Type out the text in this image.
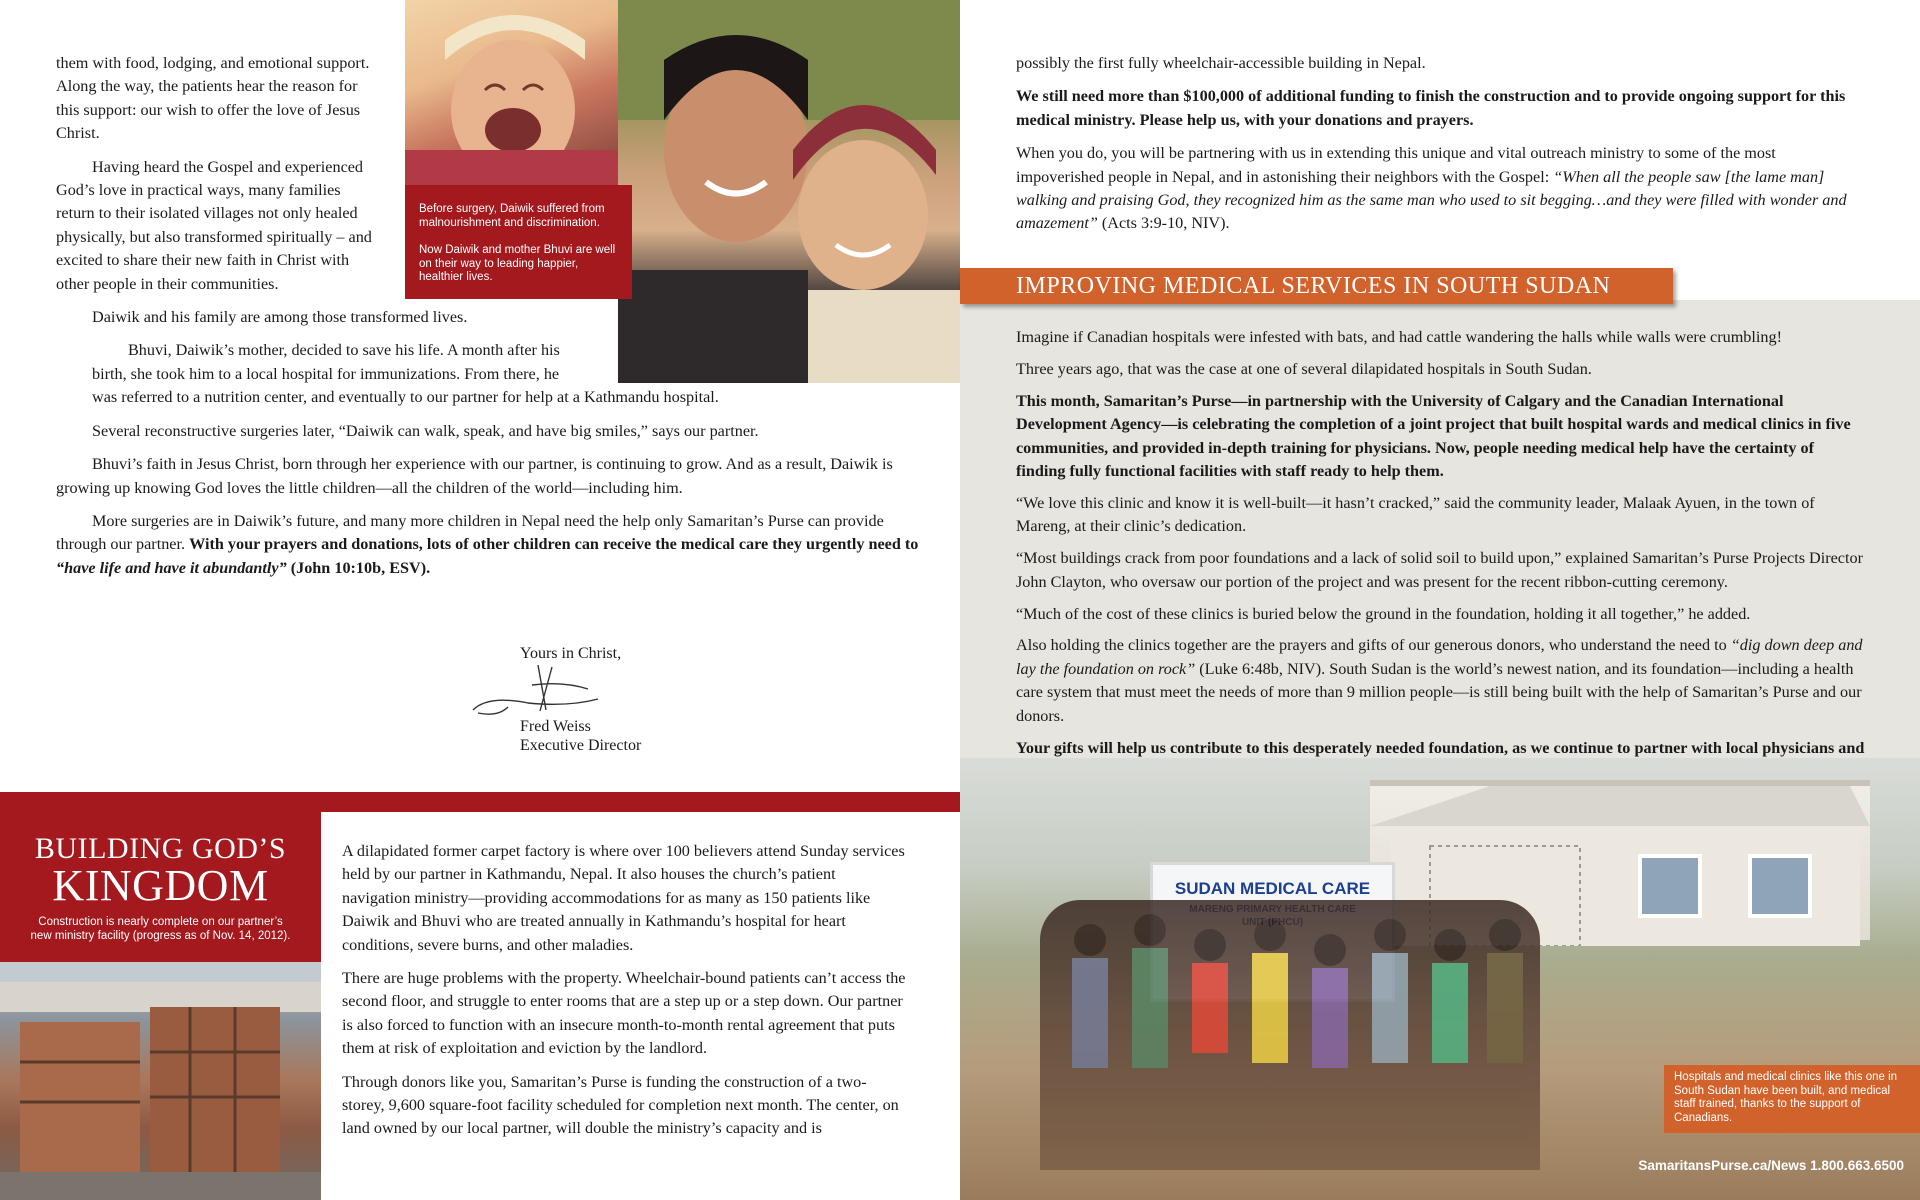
them with food, lodging, and emotional support. Along the way, the patients hear the reason for this support: our wish to offer the love of Jesus Christ.

Having heard the Gospel and experienced God’s love in practical ways, many families return to their isolated villages not only healed physically, but also transformed spiritually – and excited to share their new faith in Christ with other people in their communities.

Daiwik and his family are among those transformed lives.

Bhuvi, Daiwik’s mother, decided to save his life. A month after his birth, she took him to a local hospital for immunizations. From there, he
was referred to a nutrition center, and eventually to our partner for help at a Kathmandu hospital.

Several reconstructive surgeries later, “Daiwik can walk, speak, and have big smiles,” says our partner.

Bhuvi’s faith in Jesus Christ, born through her experience with our partner, is continuing to grow. And as a result, Daiwik is growing up knowing God loves the little children—all the children of the world—including him.

More surgeries are in Daiwik’s future, and many more children in Nepal need the help only Samaritan’s Purse can provide through our partner. With your prayers and donations, lots of other children can receive the medical care they urgently need to “have life and have it abundantly” (John 10:10b, ESV).

Before surgery, Daiwik suffered from malnourishment and discrimination.
Now Daiwik and mother Bhuvi are well on their way to leading happier, healthier lives.
Yours in Christ,
Fred Weiss
Executive Director
BUILDING GOD’S
KINGDOM
Construction is nearly complete on our partner’s new ministry facility (progress as of Nov. 14, 2012).

A dilapidated former carpet factory is where over 100 believers attend Sunday services held by our partner in Kathmandu, Nepal. It also houses the church’s patient navigation ministry—providing accommodations for as many as 150 patients like Daiwik and Bhuvi who are treated annually in Kathmandu’s hospital for heart conditions, severe burns, and other maladies.

There are huge problems with the property. Wheelchair-bound patients can’t access the second floor, and struggle to enter rooms that are a step up or a step down. Our partner is also forced to function with an insecure month-to-month rental agreement that puts them at risk of exploitation and eviction by the landlord.

Through donors like you, Samaritan’s Purse is funding the construction of a two-storey, 9,600 square-foot facility scheduled for completion next month. The center, on land owned by our local partner, will double the ministry’s capacity and is

possibly the first fully wheelchair-accessible building in Nepal.

We still need more than $100,000 of additional funding to finish the construction and to provide ongoing support for this medical ministry. Please help us, with your donations and prayers.

When you do, you will be partnering with us in extending this unique and vital outreach ministry to some of the most impoverished people in Nepal, and in astonishing their neighbors with the Gospel: “When all the people saw [the lame man] walking and praising God, they recognized him as the same man who used to sit begging…and they were filled with wonder and amazement” (Acts 3:9-10, NIV).

IMPROVING MEDICAL SERVICES IN SOUTH SUDAN

Imagine if Canadian hospitals were infested with bats, and had cattle wandering the halls while walls were crumbling!

Three years ago, that was the case at one of several dilapidated hospitals in South Sudan.

This month, Samaritan’s Purse—in partnership with the University of Calgary and the Canadian International Development Agency—is celebrating the completion of a joint project that built hospital wards and medical clinics in five communities, and provided in-depth training for physicians. Now, people needing medical help have the certainty of finding fully functional facilities with staff ready to help them.

“We love this clinic and know it is well-built—it hasn’t cracked,” said the community leader, Malaak Ayuen, in the town of Mareng, at their clinic’s dedication.

“Most buildings crack from poor foundations and a lack of solid soil to build upon,” explained Samaritan’s Purse Projects Director John Clayton, who oversaw our portion of the project and was present for the recent ribbon-cutting ceremony.

“Much of the cost of these clinics is buried below the ground in the foundation, holding it all together,” he added.

Also holding the clinics together are the prayers and gifts of our generous donors, who understand the need to “dig down deep and lay the foundation on rock” (Luke 6:48b, NIV). South Sudan is the world’s newest nation, and its foundation—including a health care system that must meet the needs of more than 9 million people—is still being built with the help of Samaritan’s Purse and our donors.

Your gifts will help us contribute to this desperately needed foundation, as we continue to partner with local physicians and

SUDAN MEDICAL CARE
Hospitals and medical clinics like this one in South Sudan have been built, and medical staff trained, thanks to the support of Canadians.
SamaritansPurse.ca/News 1.800.663.6500
